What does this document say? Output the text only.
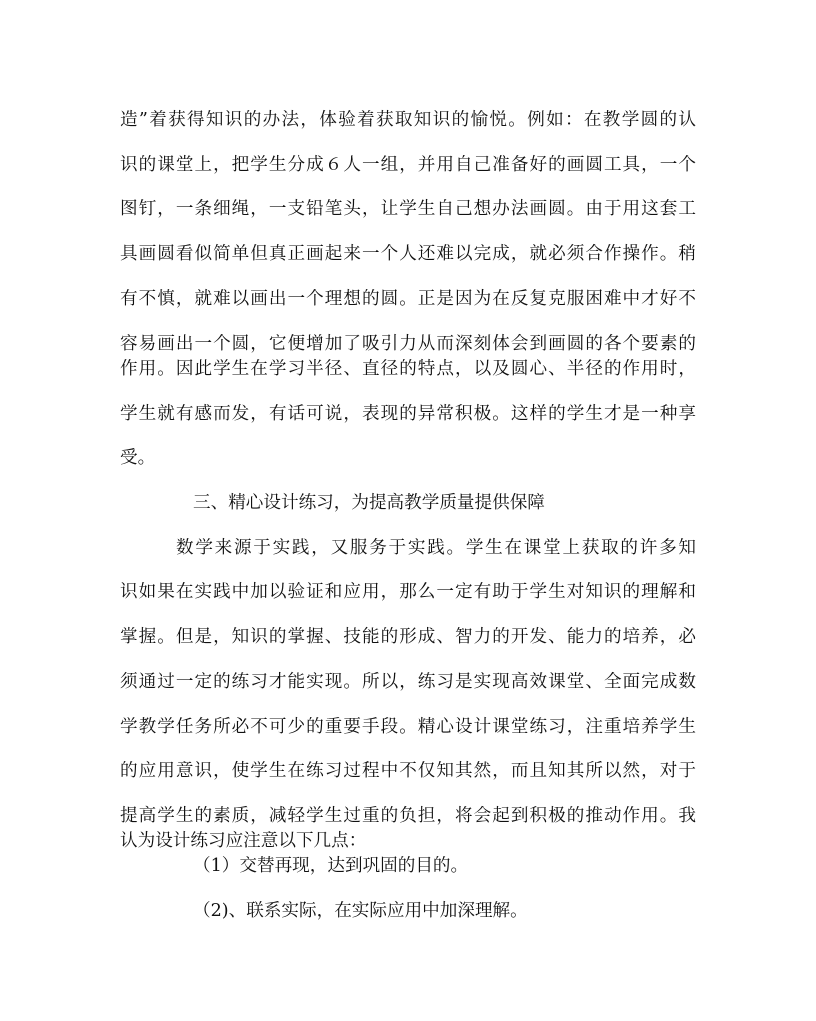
造”着获得知识的办法，体验着获取知识的愉悦。例如：在教学圆的认
识的课堂上，把学生分成６人一组，并用自己准备好的画圆工具，一个
图钉，一条细绳，一支铅笔头，让学生自己想办法画圆。由于用这套工
具画圆看似简单但真正画起来一个人还难以完成，就必须合作操作。稍
有不慎，就难以画出一个理想的圆。正是因为在反复克服困难中才好不
容易画出一个圆，它便增加了吸引力从而深刻体会到画圆的各个要素的
作用。因此学生在学习半径、直径的特点，以及圆心、半径的作用时，
学生就有感而发，有话可说，表现的异常积极。这样的学生才是一种享
受。
三、精心设计练习，为提高教学质量提供保障
数学来源于实践，又服务于实践。学生在课堂上获取的许多知
识如果在实践中加以验证和应用，那么一定有助于学生对知识的理解和
掌握。但是，知识的掌握、技能的形成、智力的开发、能力的培养，必
须通过一定的练习才能实现。所以，练习是实现高效课堂、全面完成数
学教学任务所必不可少的重要手段。精心设计课堂练习，注重培养学生
的应用意识，使学生在练习过程中不仅知其然，而且知其所以然，对于
提高学生的素质，减轻学生过重的负担，将会起到积极的推动作用。我
认为设计练习应注意以下几点：
（1）交替再现，达到巩固的目的。
（2)、联系实际，在实际应用中加深理解。
